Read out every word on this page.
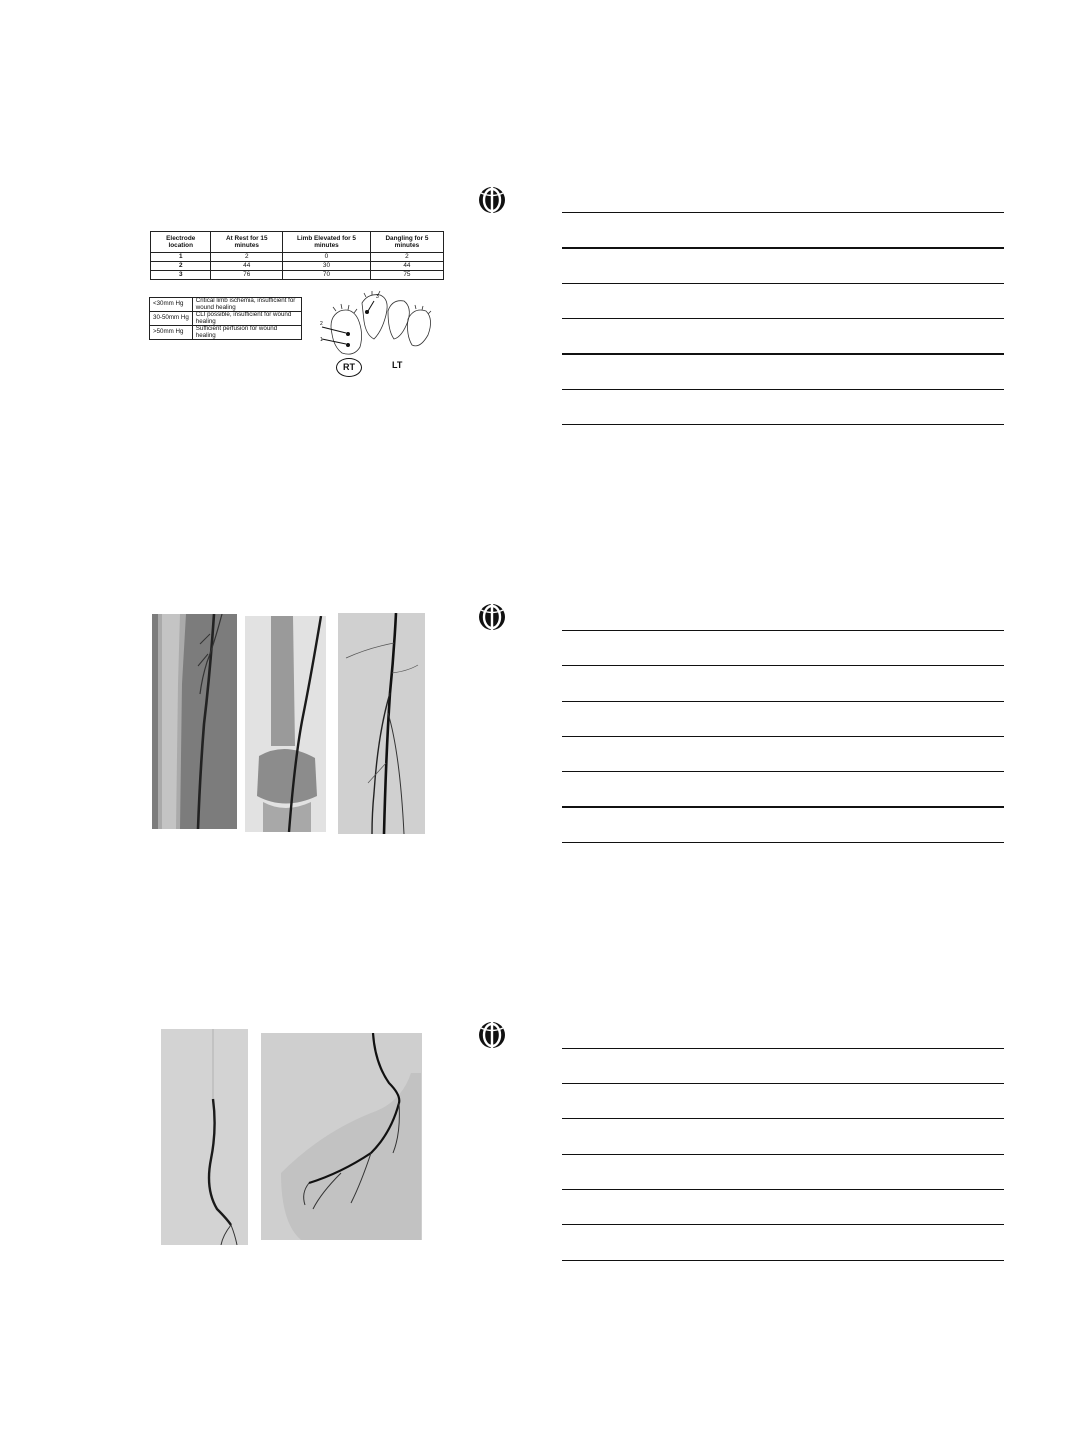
Electrode location	At Rest for 15 minutes	Limb Elevated for 5 minutes	Dangling for 5 minutes
1	2	0	2
2	44	30	44
3	76	70	75
<30mm Hg	Critical limb ischemia, insufficient for wound healing
30-50mm Hg	CLI possible, insufficient for wound healing
>50mm Hg	Sufficient perfusion for wound healing
2
1
3
RT	LT
